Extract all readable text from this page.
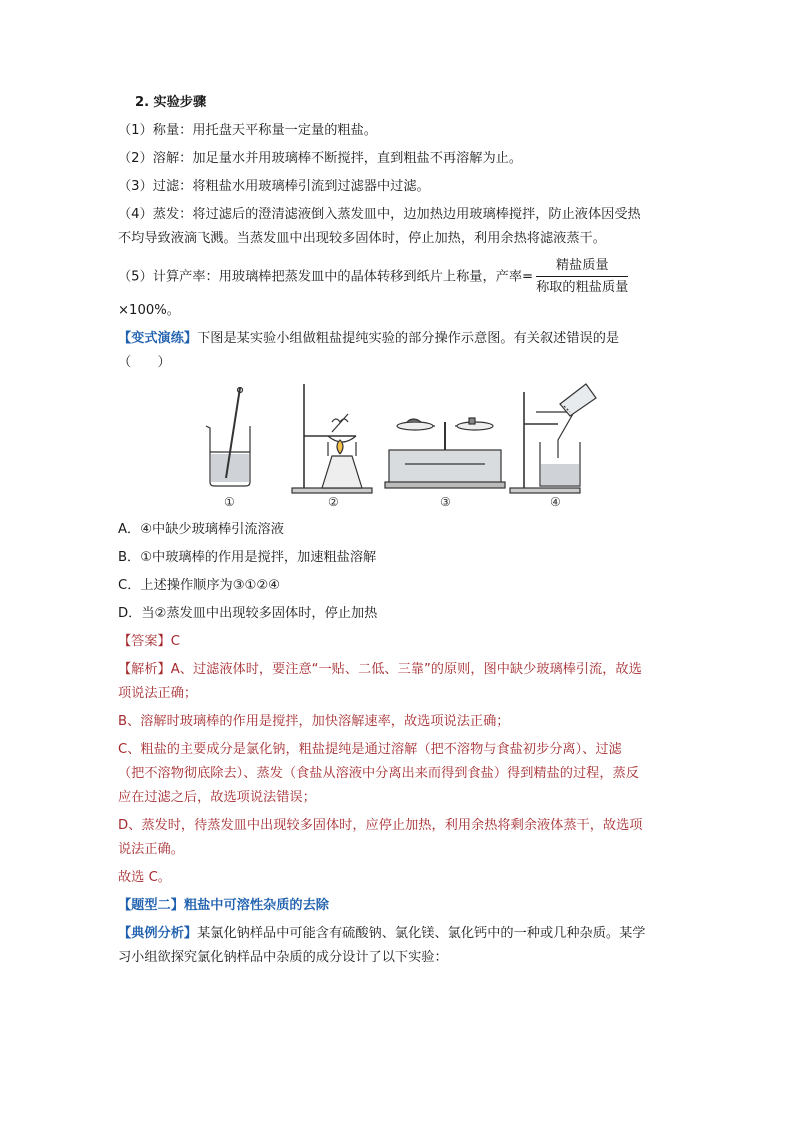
2. 实验步骤
（1）称量：用托盘天平称量一定量的粗盐。
（2）溶解：加足量水并用玻璃棒不断搅拌，直到粗盐不再溶解为止。
（3）过滤：将粗盐水用玻璃棒引流到过滤器中过滤。
（4）蒸发：将过滤后的澄清滤液倒入蒸发皿中，边加热边用玻璃棒搅拌，防止液体因受热
不均导致液滴飞溅。当蒸发皿中出现较多固体时，停止加热，利用余热将滤液蒸干。
（5）计算产率：用玻璃棒把蒸发皿中的晶体转移到纸片上称量，产率= $\frac{\text{精盐质量}}{\text{称取的粗盐质量}}$
×100%。
【变式演练】下图是某实验小组做粗盐提纯实验的部分操作示意图。有关叙述错误的是
（　　）
①	②	③	④
A．④中缺少玻璃棒引流溶液
B．①中玻璃棒的作用是搅拌，加速粗盐溶解
C．上述操作顺序为③①②④
D．当②蒸发皿中出现较多固体时，停止加热
【答案】C
【解析】A、过滤液体时，要注意“一贴、二低、三靠”的原则，图中缺少玻璃棒引流，故选
项说法正确；
B、溶解时玻璃棒的作用是搅拌，加快溶解速率，故选项说法正确；
C、粗盐的主要成分是氯化钠，粗盐提纯是通过溶解（把不溶物与食盐初步分离）、过滤
（把不溶物彻底除去）、蒸发（食盐从溶液中分离出来而得到食盐）得到精盐的过程，蒸反
应在过滤之后，故选项说法错误；
D、蒸发时，待蒸发皿中出现较多固体时，应停止加热，利用余热将剩余液体蒸干，故选项
说法正确。
故选 C。
【题型二】粗盐中可溶性杂质的去除
【典例分析】某氯化钠样品中可能含有硫酸钠、氯化镁、氯化钙中的一种或几种杂质。某学
习小组欲探究氯化钠样品中杂质的成分设计了以下实验：
